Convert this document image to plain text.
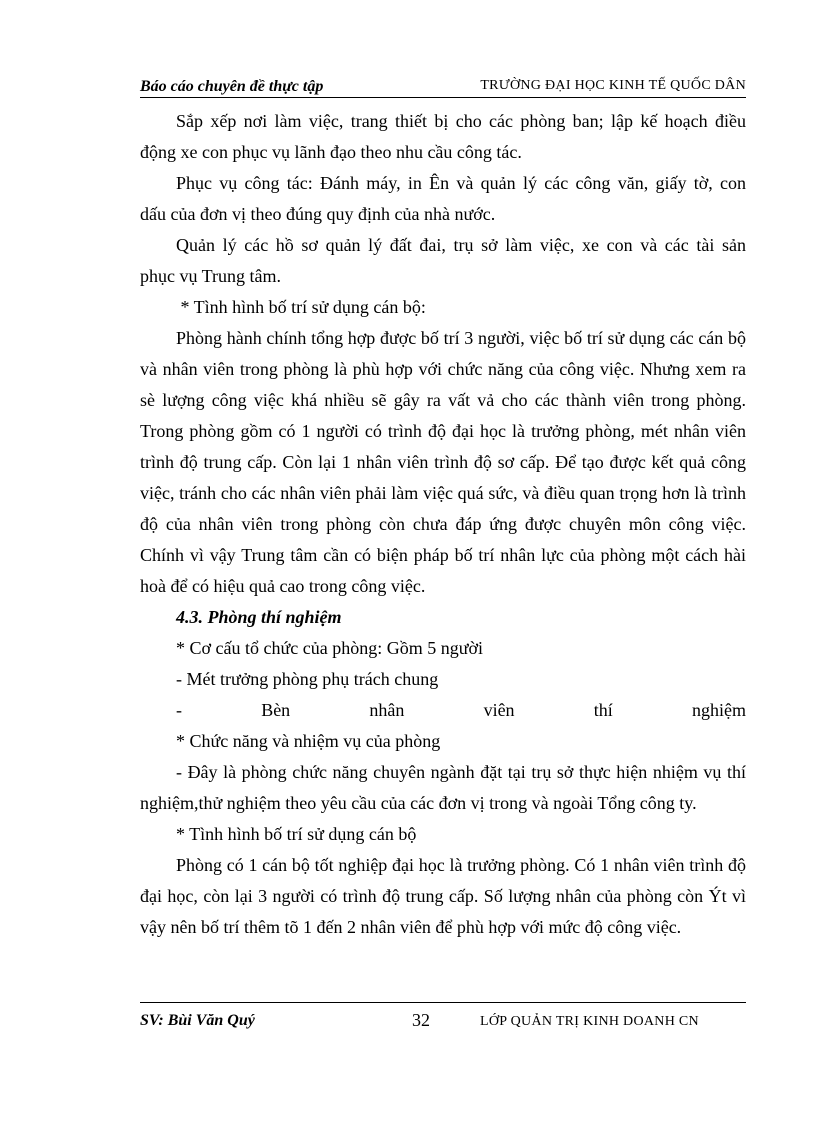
Báo cáo chuyên đề thực tập	TRƯỜNG ĐẠI HỌC KINH TẾ QUỐC DÂN

Sắp xếp nơi làm việc, trang thiết bị cho các phòng ban; lập kế hoạch điều

động xe con phục vụ lãnh đạo theo nhu cầu công tác.

Phục vụ công tác: Đánh máy, in Ên và quản lý các công văn, giấy tờ, con

dấu của đơn vị theo đúng quy định của nhà nước.

Quản lý các hồ sơ quản lý đất đai, trụ sở làm việc, xe con và các tài sản

phục vụ Trung tâm.

* Tình hình bố trí sử dụng cán bộ:

Phòng hành chính tổng hợp được bố trí 3 người, việc bố trí sử dụng các cán bộ và nhân viên trong phòng là phù hợp với chức năng của công việc. Nhưng xem ra sè lượng công việc khá nhiều sẽ gây ra vất vả cho các thành viên trong phòng. Trong phòng gồm có 1 người có trình độ đại học là trưởng phòng, mét nhân viên trình độ trung cấp. Còn lại 1 nhân viên trình độ sơ cấp. Để tạo được kết quả công việc, tránh cho các nhân viên phải làm việc quá sức, và điều quan trọng hơn là trình độ của nhân viên trong phòng còn chưa đáp ứng được chuyên môn công việc. Chính vì vậy Trung tâm cần có biện pháp bố trí nhân lực của phòng một cách hài hoà để có hiệu quả cao trong công việc.

4.3. Phòng thí nghiệm

* Cơ cấu tổ chức của phòng: Gồm 5 người

- Mét trưởng phòng phụ trách chung

-	Bèn	nhân	viên	thí	nghiệm

* Chức năng và nhiệm vụ của phòng

- Đây là phòng chức năng chuyên ngành đặt tại trụ sở thực hiện nhiệm vụ thí nghiệm,thử nghiệm theo yêu cầu của các đơn vị trong và ngoài Tổng công ty.

* Tình hình bố trí sử dụng cán bộ

Phòng có 1 cán bộ tốt nghiệp đại học là trưởng phòng. Có 1 nhân viên trình độ đại học, còn lại 3 người có trình độ trung cấp. Số lượng nhân của phòng còn Ýt vì vậy nên bố trí thêm tõ 1 đến 2 nhân viên để phù hợp với mức độ công việc.

SV: Bùi Văn Quý	32	LỚP QUẢN TRỊ KINH DOANH CN
